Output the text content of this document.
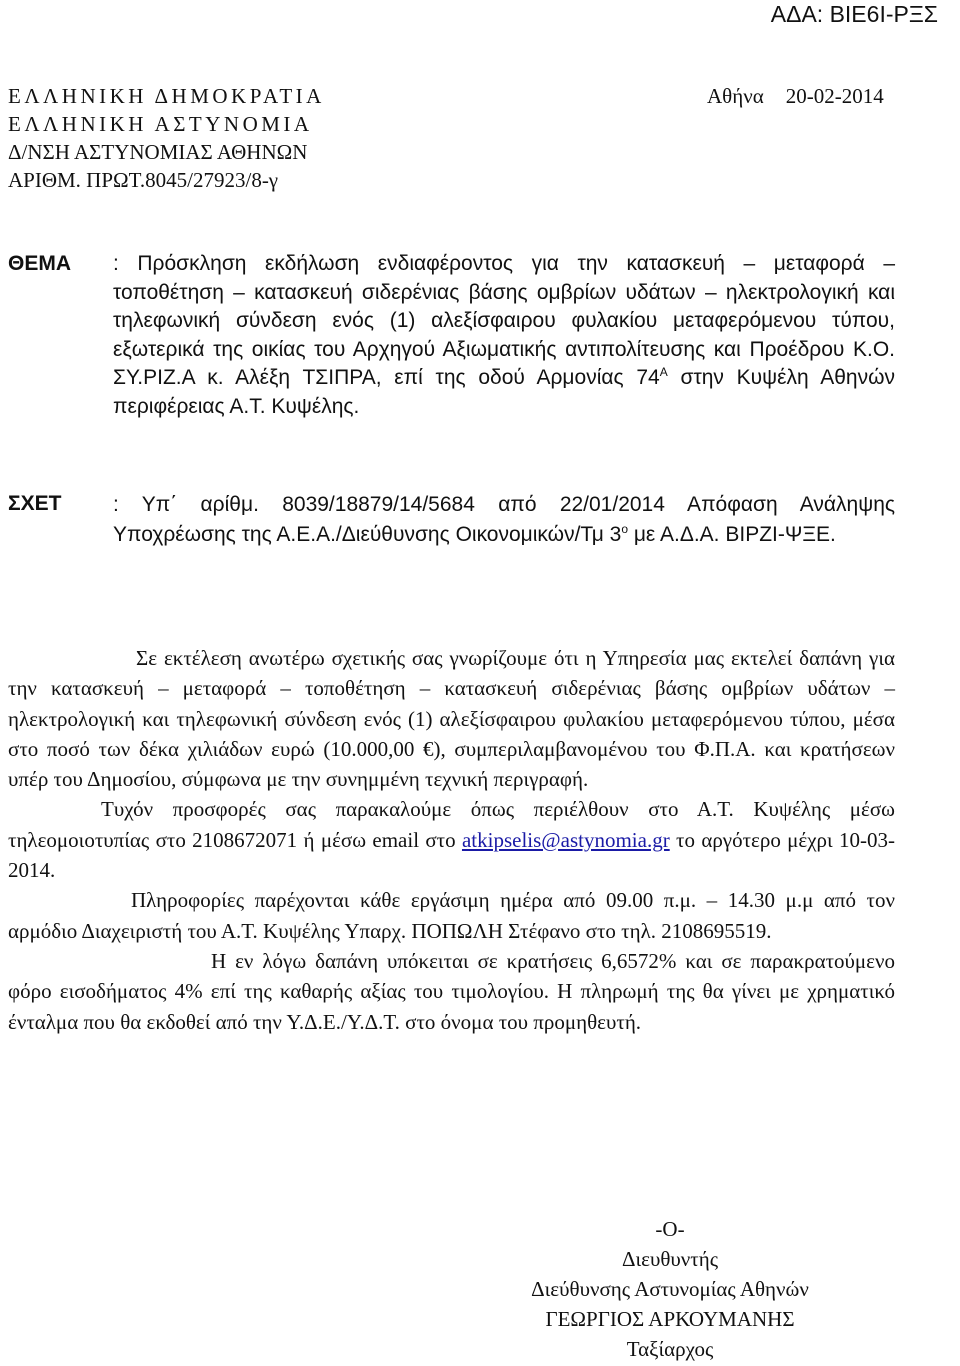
ΑΔΑ: ΒΙΕ6Ι-ΡΞΣ
ΕΛΛΗΝΙΚΗ ΔΗΜΟΚΡΑΤΙΑ
ΕΛΛΗΝΙΚΗ ΑΣΤΥΝΟΜΙΑ
Δ/ΝΣΗ ΑΣΤΥΝΟΜΙΑΣ ΑΘΗΝΩΝ
ΑΡΙΘΜ. ΠΡΩΤ.8045/27923/8-γ
Αθήνα 20-02-2014
ΘΕΜΑ : Πρόσκληση εκδήλωση ενδιαφέροντος για την κατασκευή – μεταφορά – τοποθέτηση – κατασκευή σιδερένιας βάσης ομβρίων υδάτων – ηλεκτρολογική και τηλεφωνική σύνδεση ενός (1) αλεξίσφαιρου φυλακίου μεταφερόμενου τύπου, εξωτερικά της οικίας του Αρχηγού Αξιωματικής αντιπολίτευσης και Προέδρου Κ.Ο. ΣΥ.ΡΙΖ.Α κ. Αλέξη ΤΣΙΠΡΑ, επί της οδού Αρμονίας $74^A$ στην Κυψέλη Αθηνών περιφέρειας Α.Τ. Κυψέλης.
ΣΧΕΤ	: Υπ΄ αρίθμ. 8039/18879/14/5684 από 22/01/2014 Απόφαση Ανάληψης Υποχρέωσης της Α.Ε.Α./Διεύθυνσης Οικονομικών/Τμ $3^o$ με Α.Δ.Α. ΒΙΡΖΙ-ΨΞΕ.

Σε εκτέλεση ανωτέρω σχετικής σας γνωρίζουμε ότι η Υπηρεσία μας εκτελεί δαπάνη για την κατασκευή – μεταφορά – τοποθέτηση – κατασκευή σιδερένιας βάσης ομβρίων υδάτων – ηλεκτρολογική και τηλεφωνική σύνδεση ενός (1) αλεξίσφαιρου φυλακίου μεταφερόμενου τύπου, μέσα στο ποσό των δέκα χιλιάδων ευρώ (10.000,00 €), συμπεριλαμβανομένου του Φ.Π.Α. και κρατήσεων υπέρ του Δημοσίου, σύμφωνα με την συνημμένη τεχνική περιγραφή.

Τυχόν προσφορές σας παρακαλούμε όπως περιέλθουν στο Α.Τ. Κυψέλης μέσω τηλεομοιοτυπίας στο 2108672071 ή μέσω email στο atkipselis@astynomia.gr το αργότερο μέχρι 10-03-2014.

Πληροφορίες παρέχονται κάθε εργάσιμη ημέρα από 09.00 π.μ. – 14.30 μ.μ από τον αρμόδιο Διαχειριστή του Α.Τ. Κυψέλης Υπαρχ. ΠΟΠΩΛΗ Στέφανο στο τηλ. 2108695519.

Η εν λόγω δαπάνη υπόκειται σε κρατήσεις 6,6572% και σε παρακρατούμενο φόρο εισοδήματος 4% επί της καθαρής αξίας του τιμολογίου. Η πληρωμή της θα γίνει με χρηματικό ένταλμα που θα εκδοθεί από την Υ.Δ.Ε./Υ.Δ.Τ. στο όνομα του προμηθευτή.

-Ο-
Διευθυντής
Διεύθυνσης Αστυνομίας Αθηνών
ΓΕΩΡΓΙΟΣ ΑΡΚΟΥΜΑΝΗΣ
Ταξίαρχος
